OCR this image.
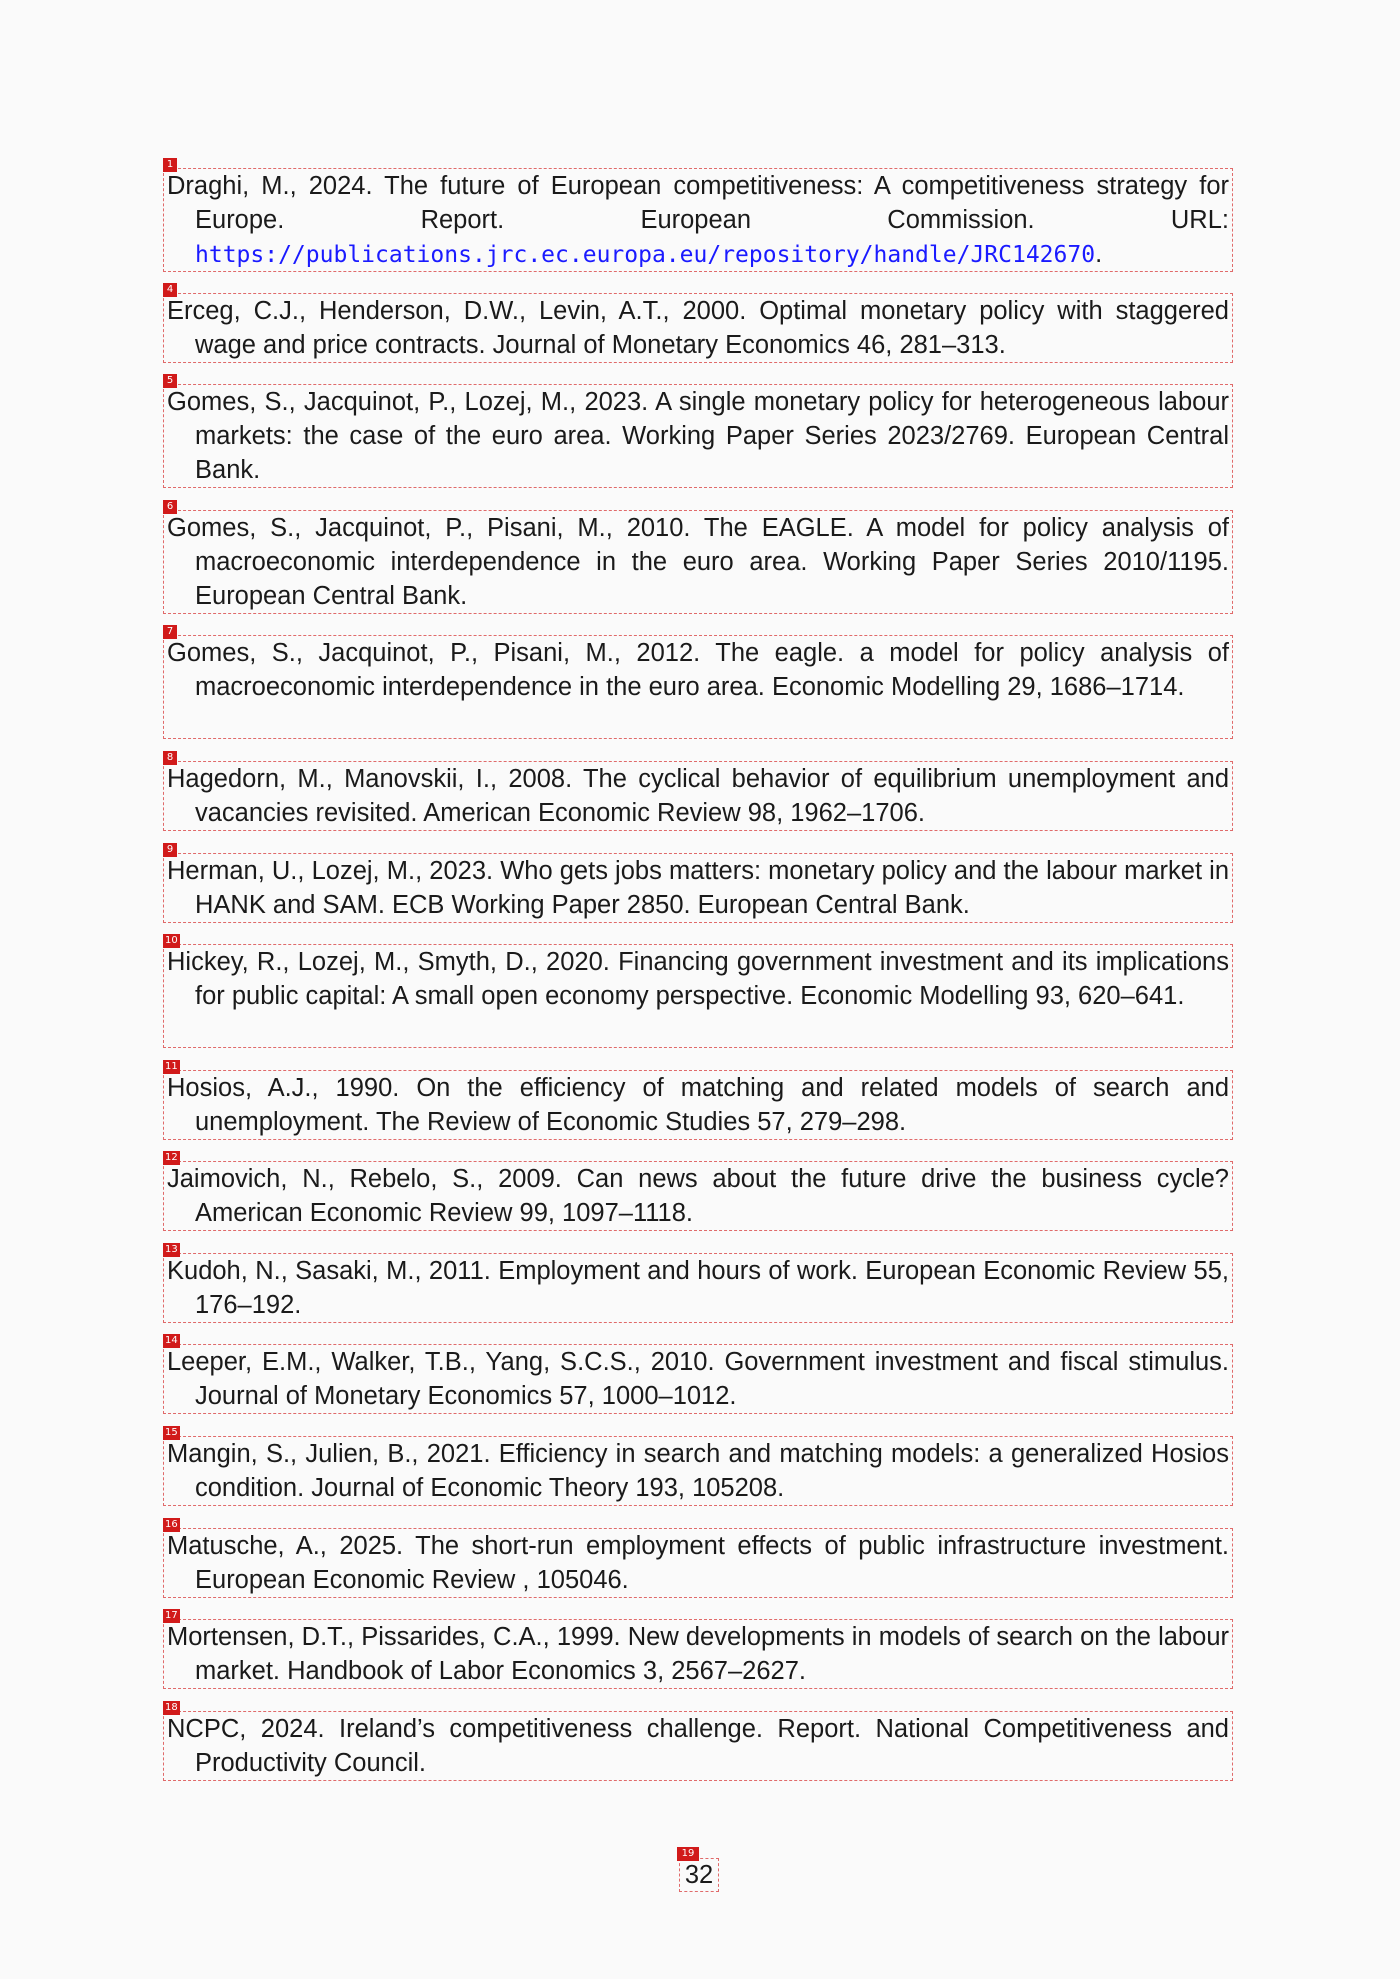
1
Draghi, M., 2024. The future of European competitiveness: A competitiveness strategy for Europe. Report. European Commission. URL: https://publications.jrc.ec.europa.eu/repository/handle/JRC142670.
4
Erceg, C.J., Henderson, D.W., Levin, A.T., 2000. Optimal monetary policy with staggered wage and price contracts. Journal of Monetary Economics 46, 281–313.
5
Gomes, S., Jacquinot, P., Lozej, M., 2023. A single monetary policy for heterogeneous labour markets: the case of the euro area. Working Paper Series 2023/2769. European Central Bank.
6
Gomes, S., Jacquinot, P., Pisani, M., 2010. The EAGLE. A model for policy analysis of macroeconomic interdependence in the euro area. Working Paper Series 2010/1195. European Central Bank.
7
Gomes, S., Jacquinot, P., Pisani, M., 2012. The eagle. a model for policy analysis of macroeconomic interdependence in the euro area. Economic Modelling 29, 1686–1714.
8
Hagedorn, M., Manovskii, I., 2008. The cyclical behavior of equilibrium unemployment and vacancies revisited. American Economic Review 98, 1962–1706.
9
Herman, U., Lozej, M., 2023. Who gets jobs matters: monetary policy and the labour market in HANK and SAM. ECB Working Paper 2850. European Central Bank.
10
Hickey, R., Lozej, M., Smyth, D., 2020. Financing government investment and its implications for public capital: A small open economy perspective. Economic Modelling 93, 620–641.
11
Hosios, A.J., 1990. On the efficiency of matching and related models of search and unemployment. The Review of Economic Studies 57, 279–298.
12
Jaimovich, N., Rebelo, S., 2009. Can news about the future drive the business cycle? American Economic Review 99, 1097–1118.
13
Kudoh, N., Sasaki, M., 2011. Employment and hours of work. European Economic Review 55, 176–192.
14
Leeper, E.M., Walker, T.B., Yang, S.C.S., 2010. Government investment and fiscal stimulus. Journal of Monetary Economics 57, 1000–1012.
15
Mangin, S., Julien, B., 2021. Efficiency in search and matching models: a generalized Hosios condition. Journal of Economic Theory 193, 105208.
16
Matusche, A., 2025. The short-run employment effects of public infrastructure investment. European Economic Review , 105046.
17
Mortensen, D.T., Pissarides, C.A., 1999. New developments in models of search on the labour market. Handbook of Labor Economics 3, 2567–2627.
18
NCPC, 2024. Ireland’s competitiveness challenge. Report. National Competitiveness and Productivity Council.
19
32
